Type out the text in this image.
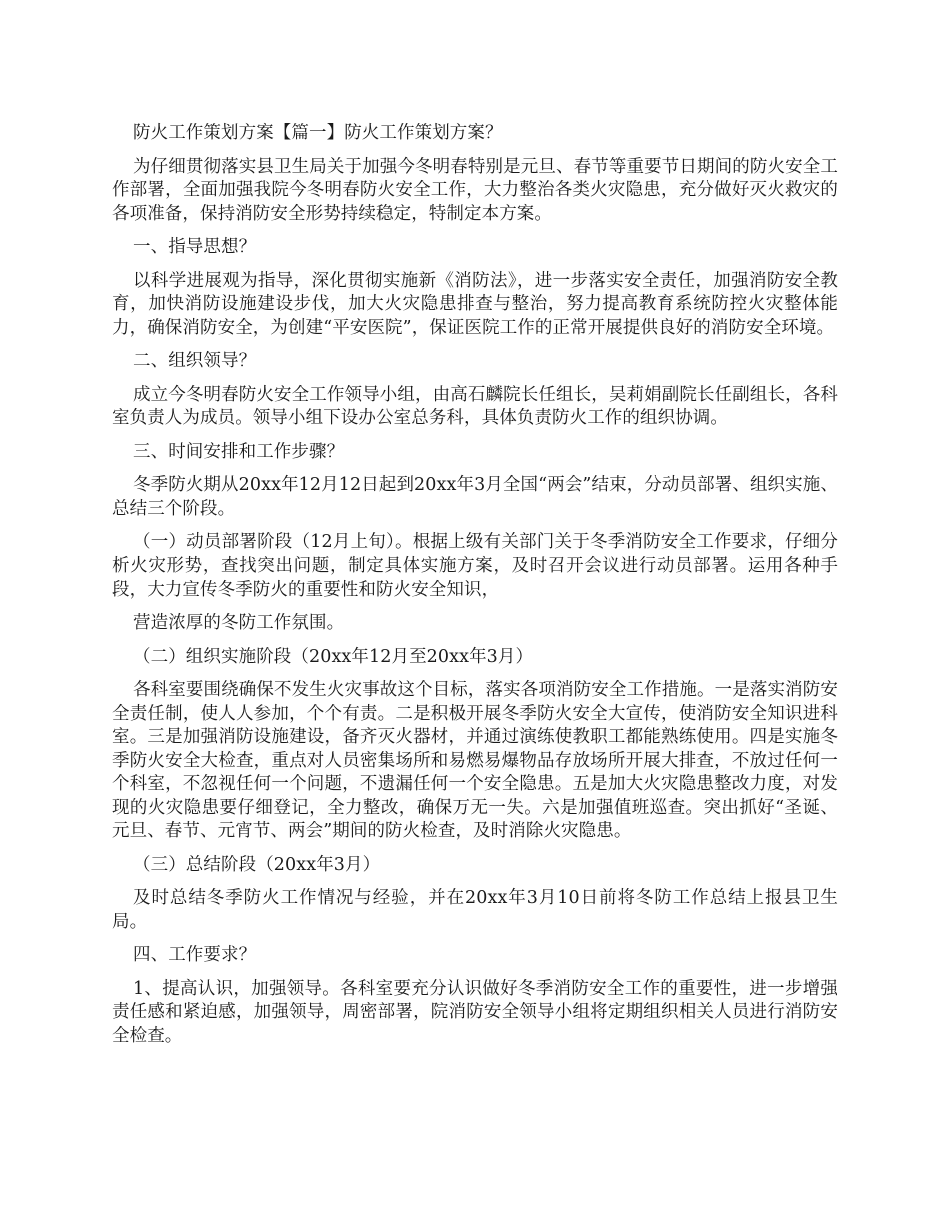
防火工作策划方案【篇一】防火工作策划方案？

为仔细贯彻落实县卫生局关于加强今冬明春特别是元旦、春节等重要节日期间的防火安全工作部署，全面加强我院今冬明春防火安全工作，大力整治各类火灾隐患，充分做好灭火救灾的各项准备，保持消防安全形势持续稳定，特制定本方案。

一、指导思想？

以科学进展观为指导，深化贯彻实施新《消防法》，进一步落实安全责任，加强消防安全教育，加快消防设施建设步伐，加大火灾隐患排查与整治，努力提高教育系统防控火灾整体能力，确保消防安全，为创建“平安医院”，保证医院工作的正常开展提供良好的消防安全环境。

二、组织领导？

成立今冬明春防火安全工作领导小组，由高石麟院长任组长，吴莉娟副院长任副组长，各科室负责人为成员。领导小组下设办公室总务科，具体负责防火工作的组织协调。

三、时间安排和工作步骤？

冬季防火期从20xx年12月12日起到20xx年3月全国“两会”结束，分动员部署、组织实施、总结三个阶段。

（一）动员部署阶段（12月上旬）。根据上级有关部门关于冬季消防安全工作要求，仔细分析火灾形势，查找突出问题，制定具体实施方案，及时召开会议进行动员部署。运用各种手段，大力宣传冬季防火的重要性和防火安全知识，

营造浓厚的冬防工作氛围。

（二）组织实施阶段（20xx年12月至20xx年3月）

各科室要围绕确保不发生火灾事故这个目标，落实各项消防安全工作措施。一是落实消防安全责任制，使人人参加，个个有责。二是积极开展冬季防火安全大宣传，使消防安全知识进科室。三是加强消防设施建设，备齐灭火器材，并通过演练使教职工都能熟练使用。四是实施冬季防火安全大检查，重点对人员密集场所和易燃易爆物品存放场所开展大排查，不放过任何一个科室，不忽视任何一个问题，不遗漏任何一个安全隐患。五是加大火灾隐患整改力度，对发现的火灾隐患要仔细登记，全力整改，确保万无一失。六是加强值班巡查。突出抓好“圣诞、元旦、春节、元宵节、两会”期间的防火检查，及时消除火灾隐患。

（三）总结阶段（20xx年3月）

及时总结冬季防火工作情况与经验，并在20xx年3月10日前将冬防工作总结上报县卫生局。

四、工作要求？

1、提高认识，加强领导。各科室要充分认识做好冬季消防安全工作的重要性，进一步增强责任感和紧迫感，加强领导，周密部署，院消防安全领导小组将定期组织相关人员进行消防安全检查。
